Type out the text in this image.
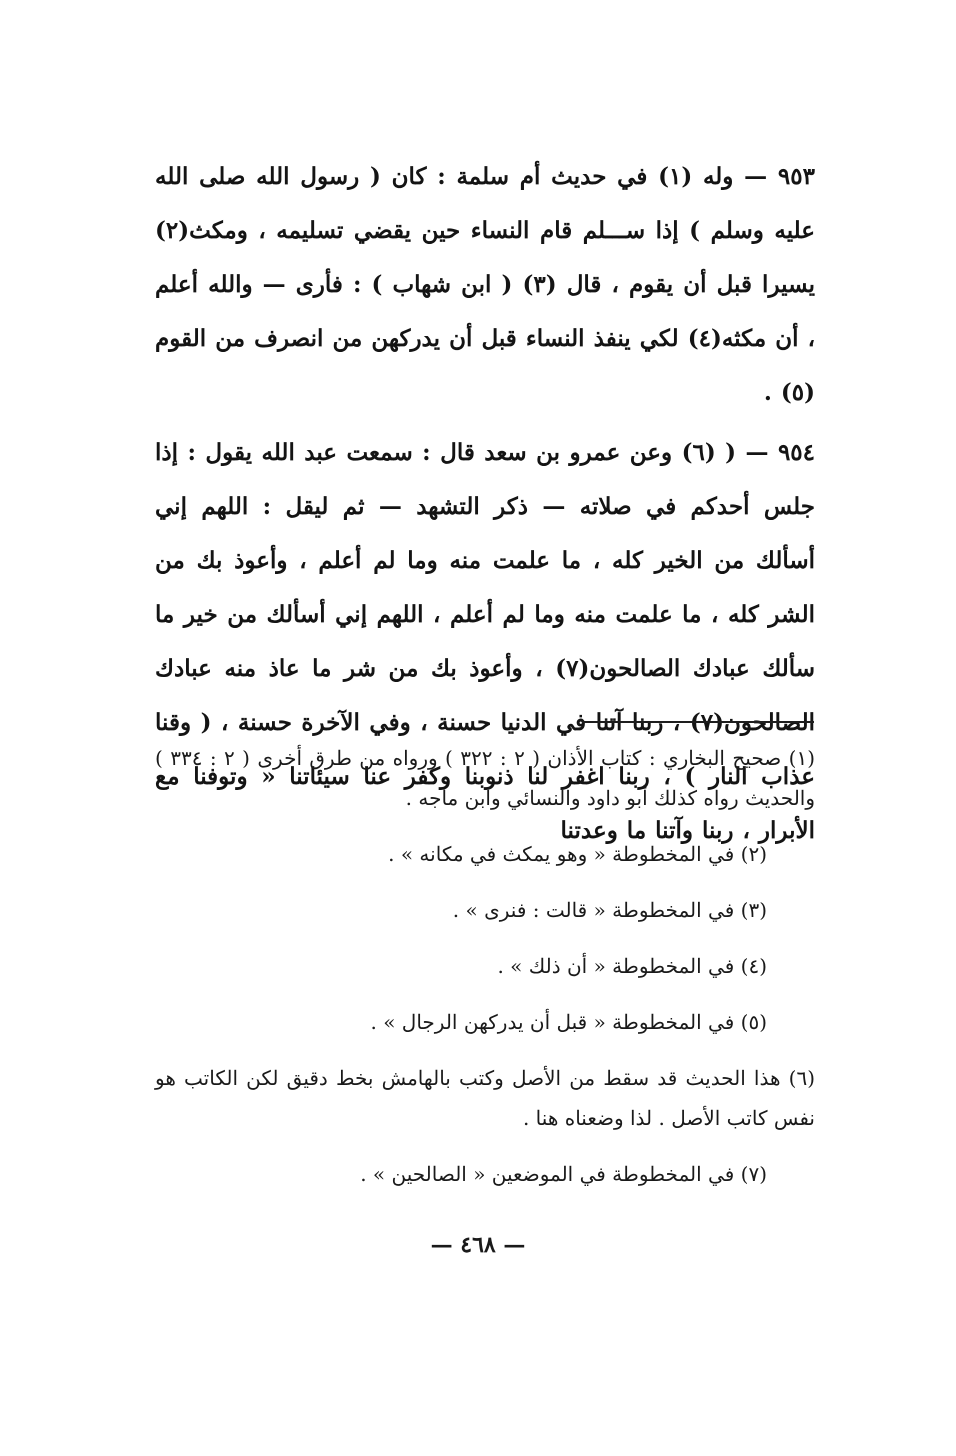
٩٥٣ — وله (١) في حديث أم سلمة : كان ( رسول الله صلى الله عليه وسلم ) إذا ســـلم قام النساء حين يقضي تسليمه ، ومكث(٢) يسيرا قبل أن يقوم ، قال (٣) ( ابن شهاب ) : فأرى — والله أعلم ، أن مكثه(٤) لكي ينفذ النساء قبل أن يدركهن من انصرف من القوم (٥) .

٩٥٤ — ( (٦) وعن عمرو بن سعد قال : سمعت عبد الله يقول : إذا جلس أحدكم في صلاته — ذكر التشهد — ثم ليقل : اللهم إني أسألك من الخير كله ، ما علمت منه وما لم أعلم ، وأعوذ بك من الشر كله ، ما علمت منه وما لم أعلم ، اللهم إني أسألك من خير ما سألك عبادك الصالحون(٧) ، وأعوذ بك من شر ما عاذ منه عبادك الصالحون(٧) ، ربنا آتنا في الدنيا حسنة ، وفي الآخرة حسنة ، ( وقنا عذاب النار ) ، ربنا اغفر لنا ذنوبنا وكفر عنا سيئاتنا « وتوفنا مع الأبرار ، ربنا وآتنا ما وعدتنا

(١) صحيح البخاري : كتاب الأذان ( ٢ : ٣٢٢ ) ورواه من طرق أخرى ( ٢ : ٣٣٤ ) والحديث رواه كذلك أبو داود والنسائي وابن ماجه .

(٢) في المخطوطة « وهو يمكث في مكانه » .

(٣) في المخطوطة « قالت : فنرى » .

(٤) في المخطوطة « أن ذلك » .

(٥) في المخطوطة « قبل أن يدركهن الرجال » .

(٦) هذا الحديث قد سقط من الأصل وكتب بالهامش بخط دقيق لكن الكاتب هو نفس كاتب الأصل . لذا وضعناه هنا .

(٧) في المخطوطة في الموضعين « الصالحين » .

— ٤٦٨ —
